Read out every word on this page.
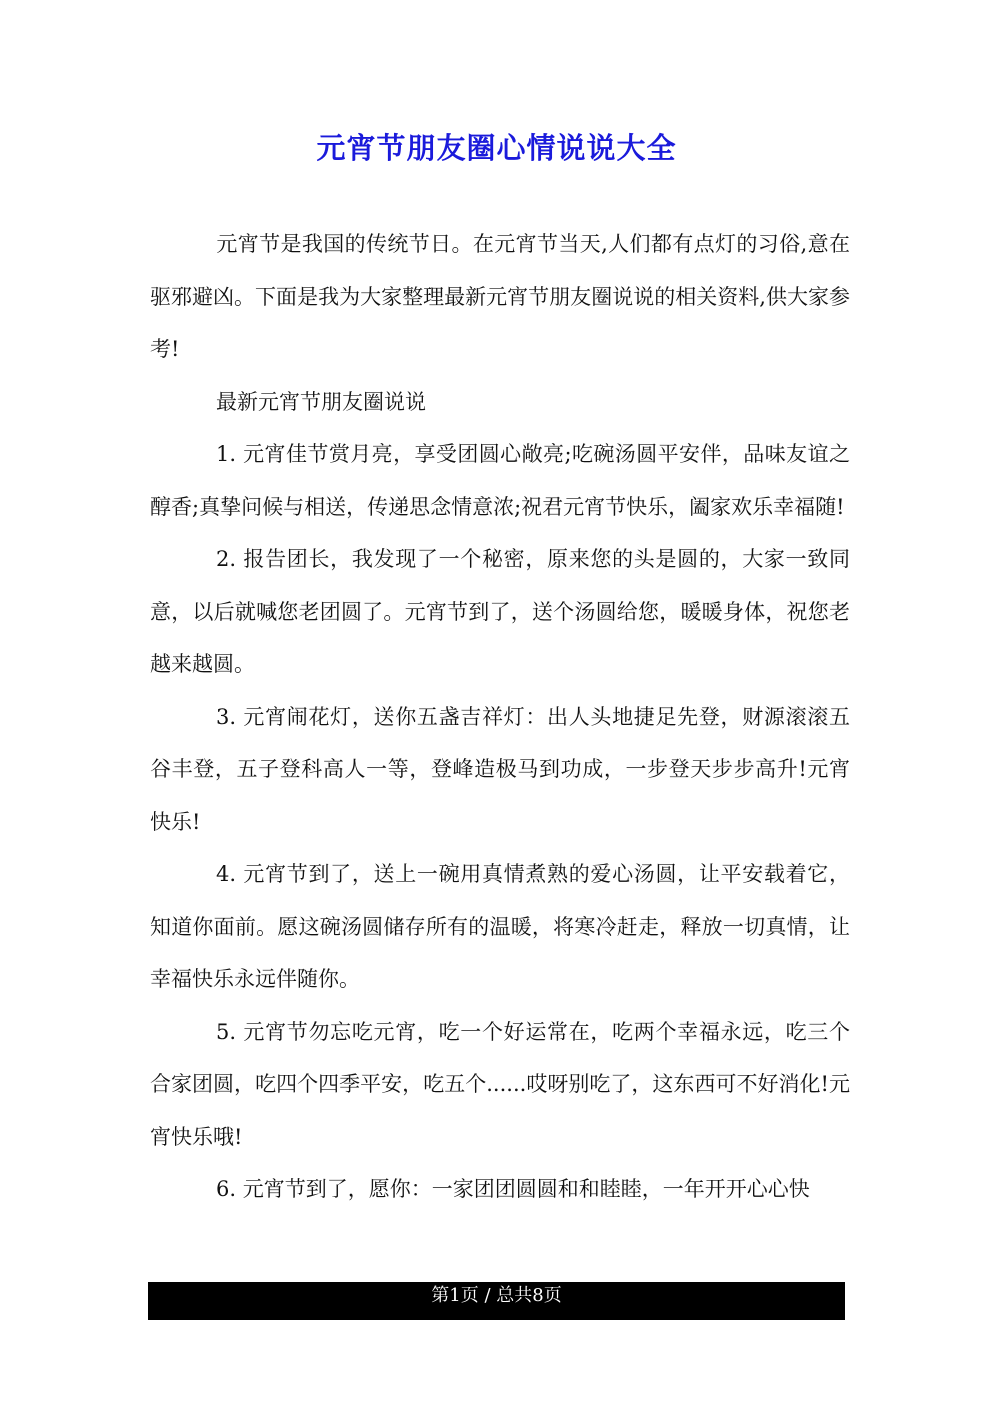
元宵节朋友圈心情说说大全

元宵节是我国的传统节日。在元宵节当天,人们都有点灯的习俗,意在驱邪避凶。下面是我为大家整理最新元宵节朋友圈说说的相关资料,供大家参考!

最新元宵节朋友圈说说

1. 元宵佳节赏月亮，享受团圆心敞亮;吃碗汤圆平安伴，品味友谊之醇香;真挚问候与相送，传递思念情意浓;祝君元宵节快乐，阖家欢乐幸福随!

2. 报告团长，我发现了一个秘密，原来您的头是圆的，大家一致同意，以后就喊您老团圆了。元宵节到了，送个汤圆给您，暖暖身体，祝您老越来越圆。

3. 元宵闹花灯，送你五盏吉祥灯：出人头地捷足先登，财源滚滚五谷丰登，五子登科高人一等，登峰造极马到功成，一步登天步步高升!元宵快乐!

4. 元宵节到了，送上一碗用真情煮熟的爱心汤圆，让平安载着它，知道你面前。愿这碗汤圆储存所有的温暖，将寒冷赶走，释放一切真情，让幸福快乐永远伴随你。

5. 元宵节勿忘吃元宵，吃一个好运常在，吃两个幸福永远，吃三个合家团圆，吃四个四季平安，吃五个......哎呀别吃了，这东西可不好消化!元宵快乐哦!

6. 元宵节到了，愿你：一家团团圆圆和和睦睦，一年开开心心快

第1页 / 总共8页
